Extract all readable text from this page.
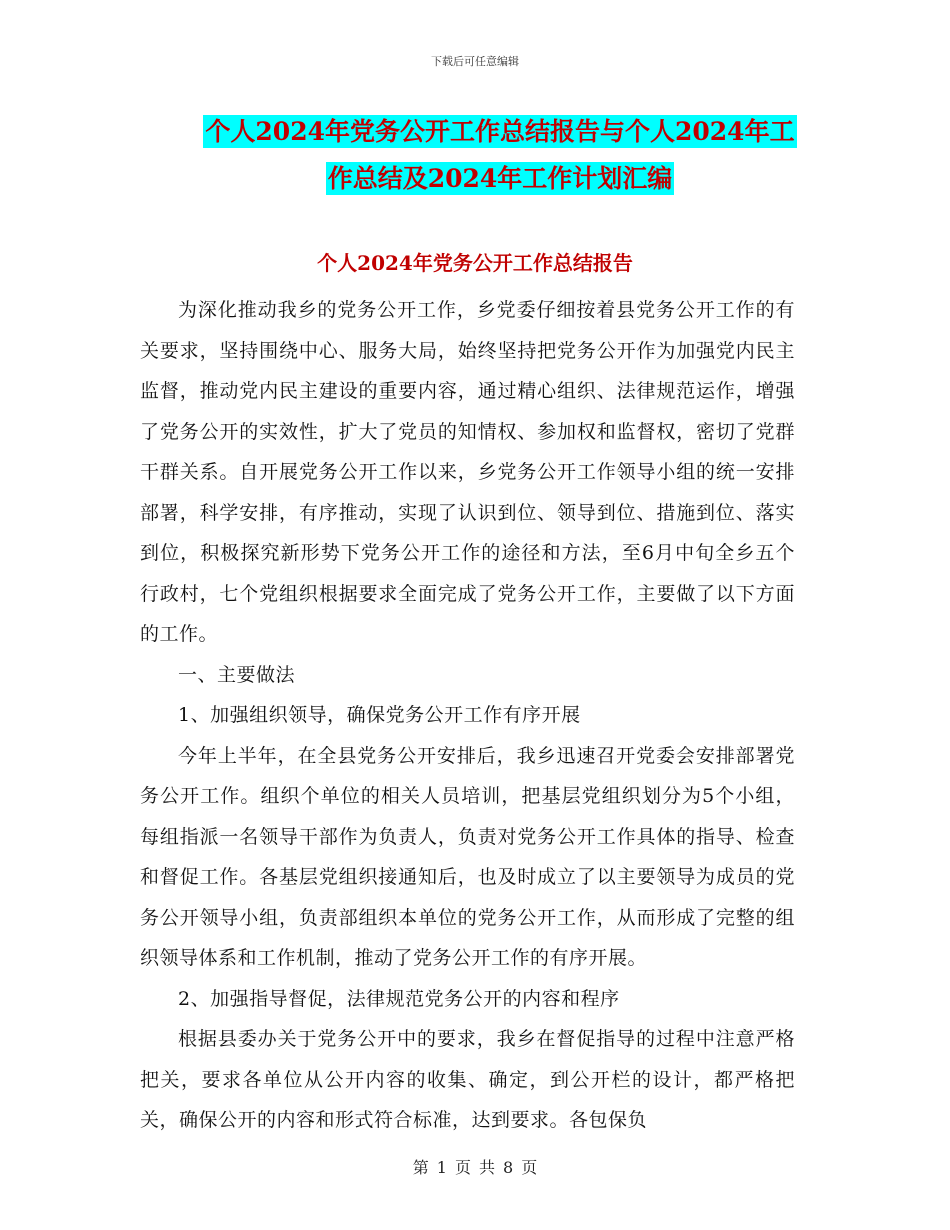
下载后可任意编辑
个人2024年党务公开工作总结报告与个人2024年工
作总结及2024年工作计划汇编
个人2024年党务公开工作总结报告

为深化推动我乡的党务公开工作，乡党委仔细按着县党务公开工作的有关要求，坚持围绕中心、服务大局，始终坚持把党务公开作为加强党内民主监督，推动党内民主建设的重要内容，通过精心组织、法律规范运作，增强了党务公开的实效性，扩大了党员的知情权、参加权和监督权，密切了党群干群关系。自开展党务公开工作以来，乡党务公开工作领导小组的统一安排部署，科学安排，有序推动，实现了认识到位、领导到位、措施到位、落实到位，积极探究新形势下党务公开工作的途径和方法，至6月中旬全乡五个行政村，七个党组织根据要求全面完成了党务公开工作，主要做了以下方面的工作。

一、主要做法

1、加强组织领导，确保党务公开工作有序开展

今年上半年，在全县党务公开安排后，我乡迅速召开党委会安排部署党务公开工作。组织个单位的相关人员培训，把基层党组织划分为5个小组，每组指派一名领导干部作为负责人，负责对党务公开工作具体的指导、检查和督促工作。各基层党组织接通知后，也及时成立了以主要领导为成员的党务公开领导小组，负责部组织本单位的党务公开工作，从而形成了完整的组织领导体系和工作机制，推动了党务公开工作的有序开展。

2、加强指导督促，法律规范党务公开的内容和程序

根据县委办关于党务公开中的要求，我乡在督促指导的过程中注意严格把关，要求各单位从公开内容的收集、确定，到公开栏的设计，都严格把关，确保公开的内容和形式符合标准，达到要求。各包保负

第 1 页 共 8 页
